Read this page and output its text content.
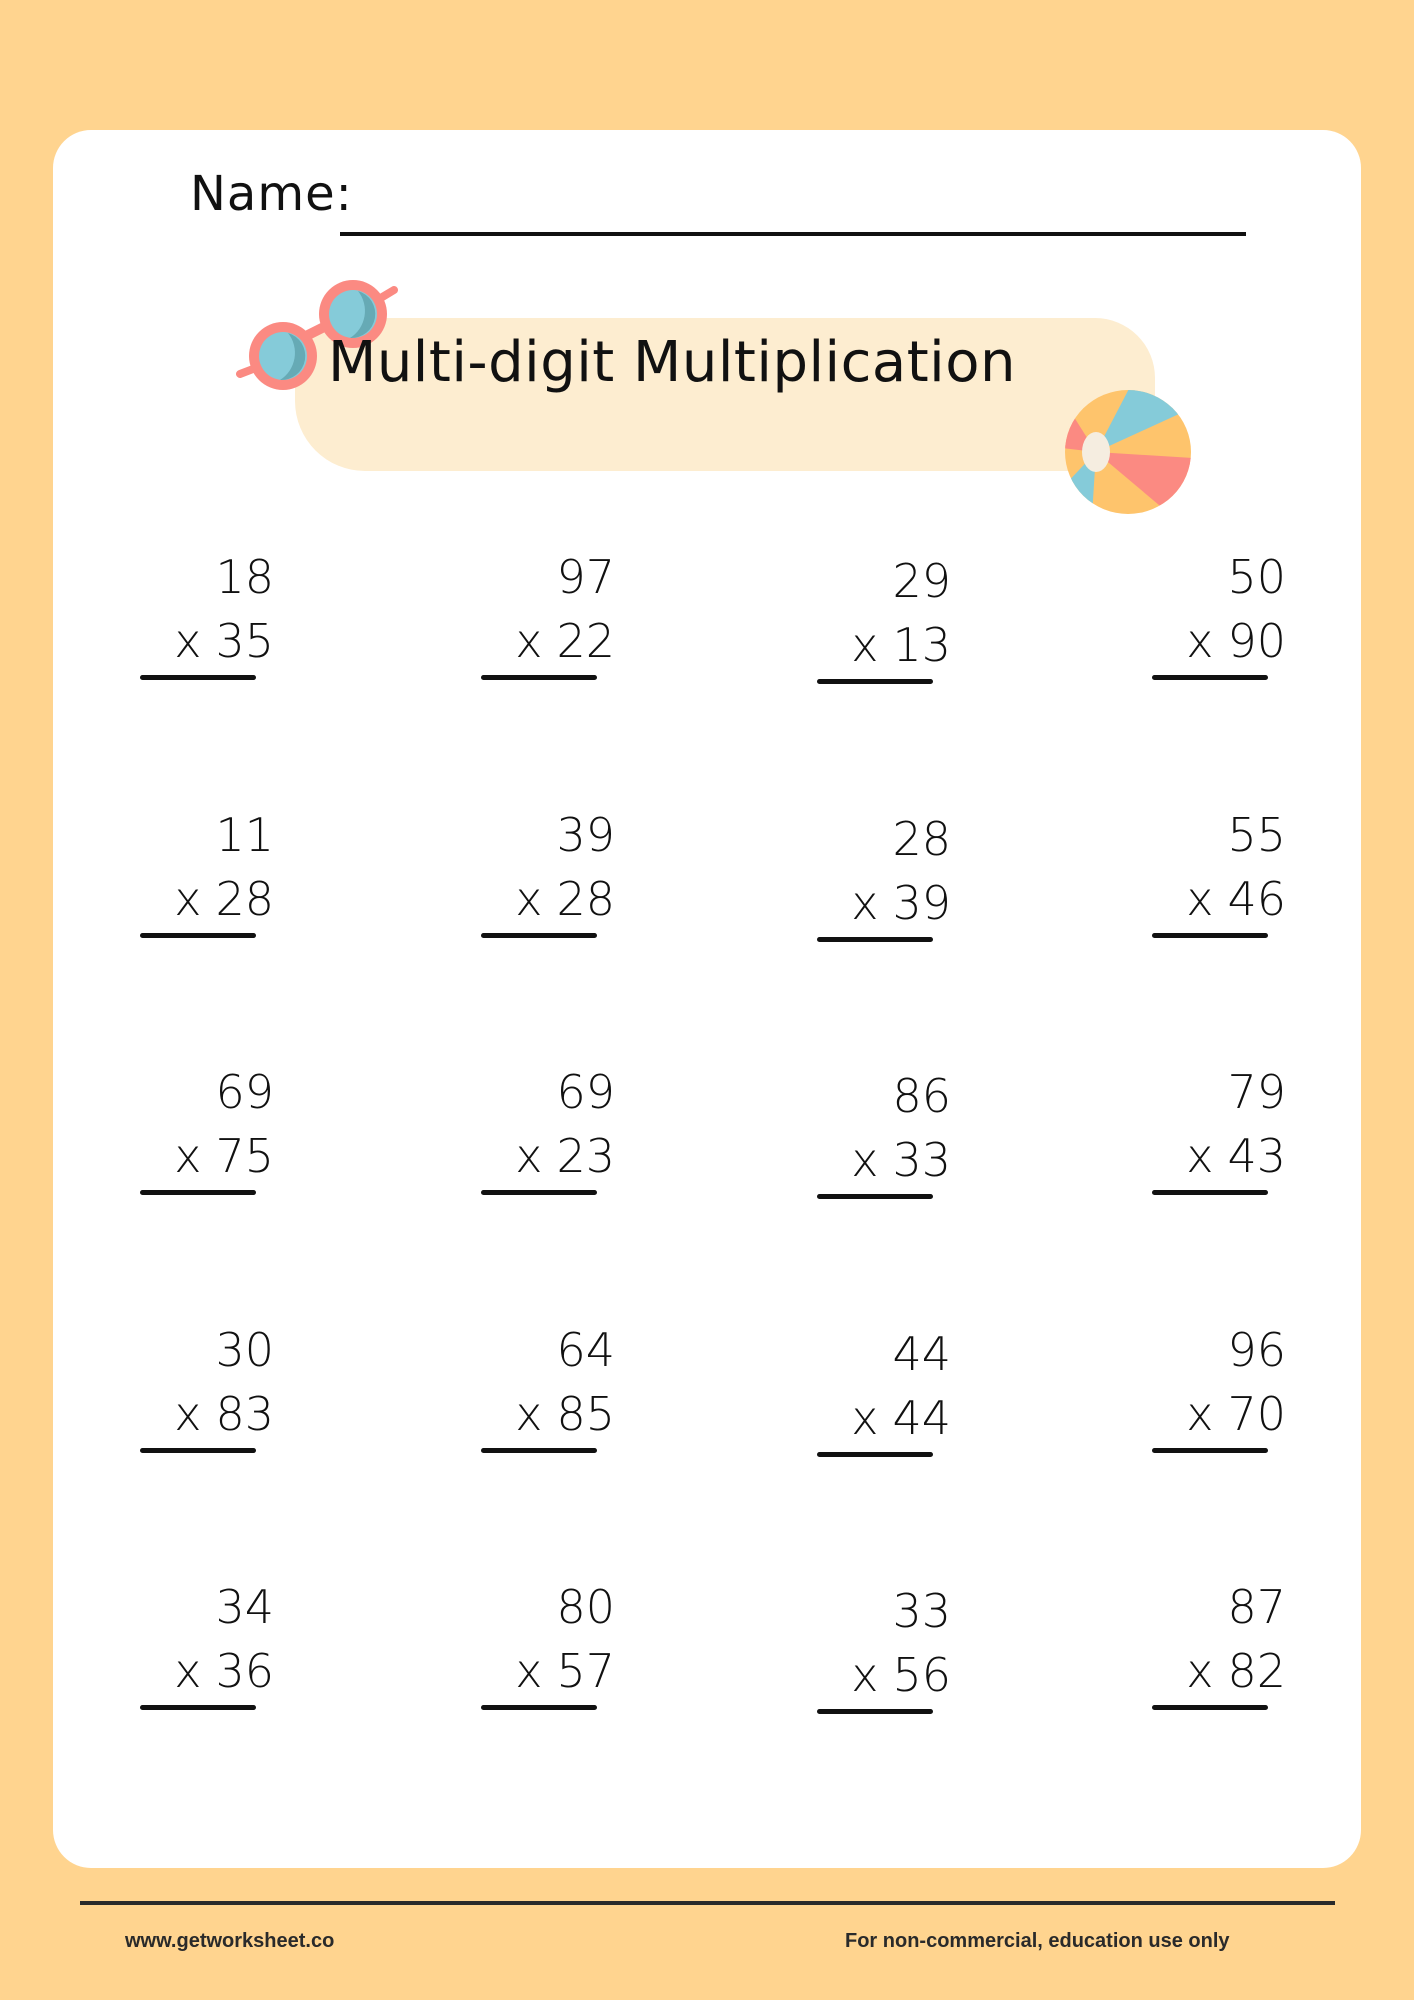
Name:
Multi-digit Multiplication
18
x 35
97
x 22
29
x 13
50
x 90
11
x 28
39
x 28
28
x 39
55
x 46
69
x 75
69
x 23
86
x 33
79
x 43
30
x 83
64
x 85
44
x 44
96
x 70
34
x 36
80
x 57
33
x 56
87
x 82
www.getworksheet.co	For non-commercial, education use only
